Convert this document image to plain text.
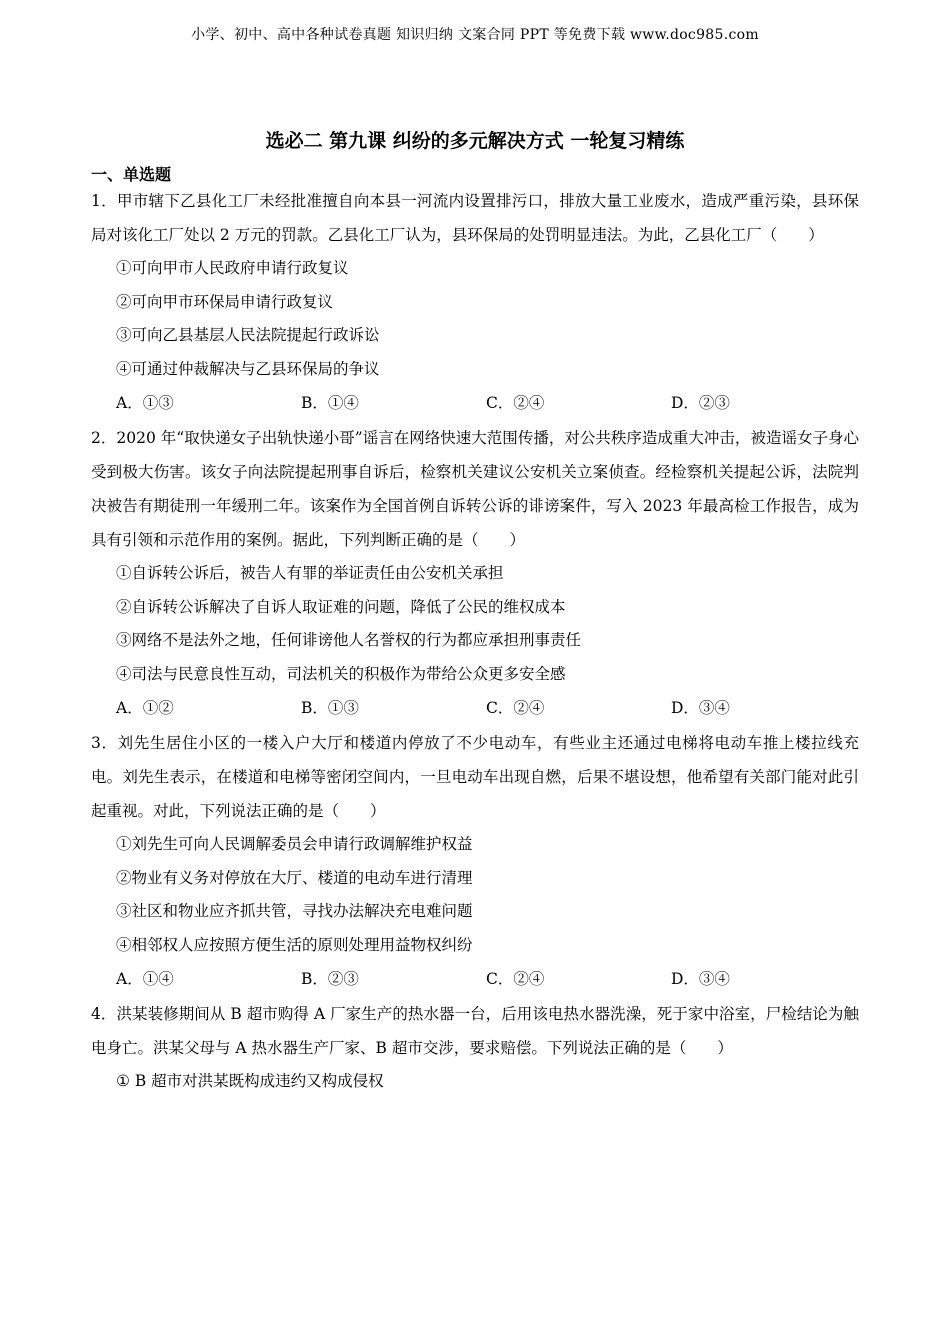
小学、初中、高中各种试卷真题 知识归纳 文案合同 PPT 等免费下载 www.doc985.com
选必二 第九课 纠纷的多元解决方式 一轮复习精练
一、单选题

1．甲市辖下乙县化工厂未经批准擅自向本县一河流内设置排污口，排放大量工业废水，造成严重污染，县环保局对该化工厂处以 2 万元的罚款。乙县化工厂认为，县环保局的处罚明显违法。为此，乙县化工厂（　　）

①可向甲市人民政府申请行政复议

②可向甲市环保局申请行政复议

③可向乙县基层人民法院提起行政诉讼

④可通过仲裁解决与乙县环保局的争议

A．①③	B．①④	C．②④	D．②③

2．2020 年“取快递女子出轨快递小哥”谣言在网络快速大范围传播，对公共秩序造成重大冲击，被造谣女子身心受到极大伤害。该女子向法院提起刑事自诉后，检察机关建议公安机关立案侦查。经检察机关提起公诉，法院判决被告有期徒刑一年缓刑二年。该案作为全国首例自诉转公诉的诽谤案件，写入 2023 年最高检工作报告，成为具有引领和示范作用的案例。据此，下列判断正确的是（　　）

①自诉转公诉后，被告人有罪的举证责任由公安机关承担

②自诉转公诉解决了自诉人取证难的问题，降低了公民的维权成本

③网络不是法外之地，任何诽谤他人名誉权的行为都应承担刑事责任

④司法与民意良性互动，司法机关的积极作为带给公众更多安全感

A．①②	B．①③	C．②④	D．③④

3．刘先生居住小区的一楼入户大厅和楼道内停放了不少电动车，有些业主还通过电梯将电动车推上楼拉线充电。刘先生表示，在楼道和电梯等密闭空间内，一旦电动车出现自燃，后果不堪设想，他希望有关部门能对此引起重视。对此，下列说法正确的是（　　）

①刘先生可向人民调解委员会申请行政调解维护权益

②物业有义务对停放在大厅、楼道的电动车进行清理

③社区和物业应齐抓共管，寻找办法解决充电难问题

④相邻权人应按照方便生活的原则处理用益物权纠纷

A．①④	B．②③	C．②④	D．③④

4．洪某装修期间从 B 超市购得 A 厂家生产的热水器一台，后用该电热水器洗澡，死于家中浴室，尸检结论为触电身亡。洪某父母与 A 热水器生产厂家、B 超市交涉，要求赔偿。下列说法正确的是（　　）

① B 超市对洪某既构成违约又构成侵权
